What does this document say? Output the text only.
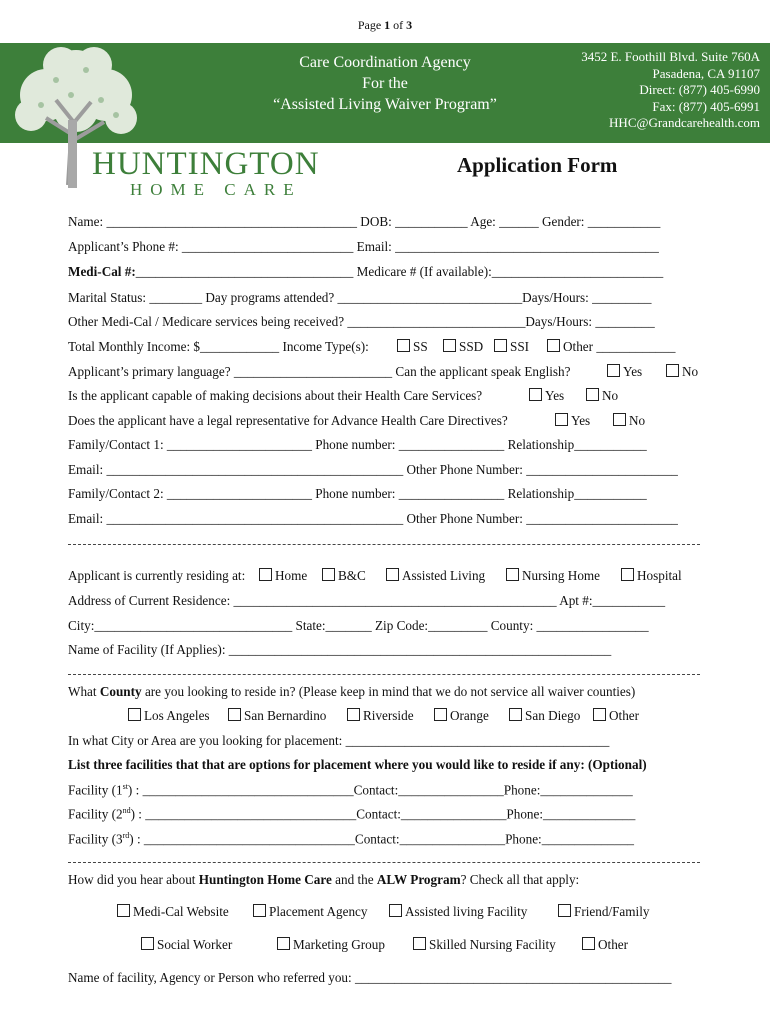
Page 1 of 3
Care Coordination Agency
For the
“Assisted Living Waiver Program”
3452 E. Foothill Blvd. Suite 760A
Pasadena, CA 91107
Direct: (877) 405-6990
Fax: (877) 405-6991
HHC@Grandcarehealth.com
HUNTINGTON
HOME CARE
Application Form
Name: ______________________________________ DOB: ___________ Age: ______ Gender: ___________
Applicant’s Phone #: __________________________ Email: ________________________________________
Medi-Cal #:_________________________________ Medicare # (If available):__________________________
Marital Status: ________ Day programs attended? ____________________________Days/Hours: _________
Other Medi-Cal / Medicare services being received? ___________________________Days/Hours: _________
Total Monthly Income: $____________ Income Type(s):	SS	SSD	SSI	Other ____________
Applicant’s primary language? ________________________ Can the applicant speak English?	Yes	No
Is the applicant capable of making decisions about their Health Care Services?	Yes	No
Does the applicant have a legal representative for Advance Health Care Directives?	Yes	No
Family/Contact 1: ______________________ Phone number: ________________ Relationship___________
Email: _____________________________________________ Other Phone Number: _______________________
Family/Contact 2: ______________________ Phone number: ________________ Relationship___________
Email: _____________________________________________ Other Phone Number: _______________________
Applicant is currently residing at:	Home	B&C	Assisted Living	Nursing Home	Hospital
Address of Current Residence: _________________________________________________ Apt #:___________
City:______________________________ State:_______ Zip Code:_________ County: _________________
Name of Facility (If Applies): __________________________________________________________
What County are you looking to reside in? (Please keep in mind that we do not service all waiver counties)
Los Angeles	San Bernardino	Riverside	Orange	San Diego	Other
In what City or Area are you looking for placement: ________________________________________
List three facilities that that are options for placement where you would like to reside if any: (Optional)
Facility (1st) : ________________________________Contact:________________Phone:______________
Facility (2nd) : ________________________________Contact:________________Phone:______________
Facility (3rd) : ________________________________Contact:________________Phone:______________
How did you hear about Huntington Home Care and the ALW Program? Check all that apply:
Medi-Cal Website	Placement Agency	Assisted living Facility	Friend/Family
Social Worker	Marketing Group	Skilled Nursing Facility	Other
Name of facility, Agency or Person who referred you: ________________________________________________
